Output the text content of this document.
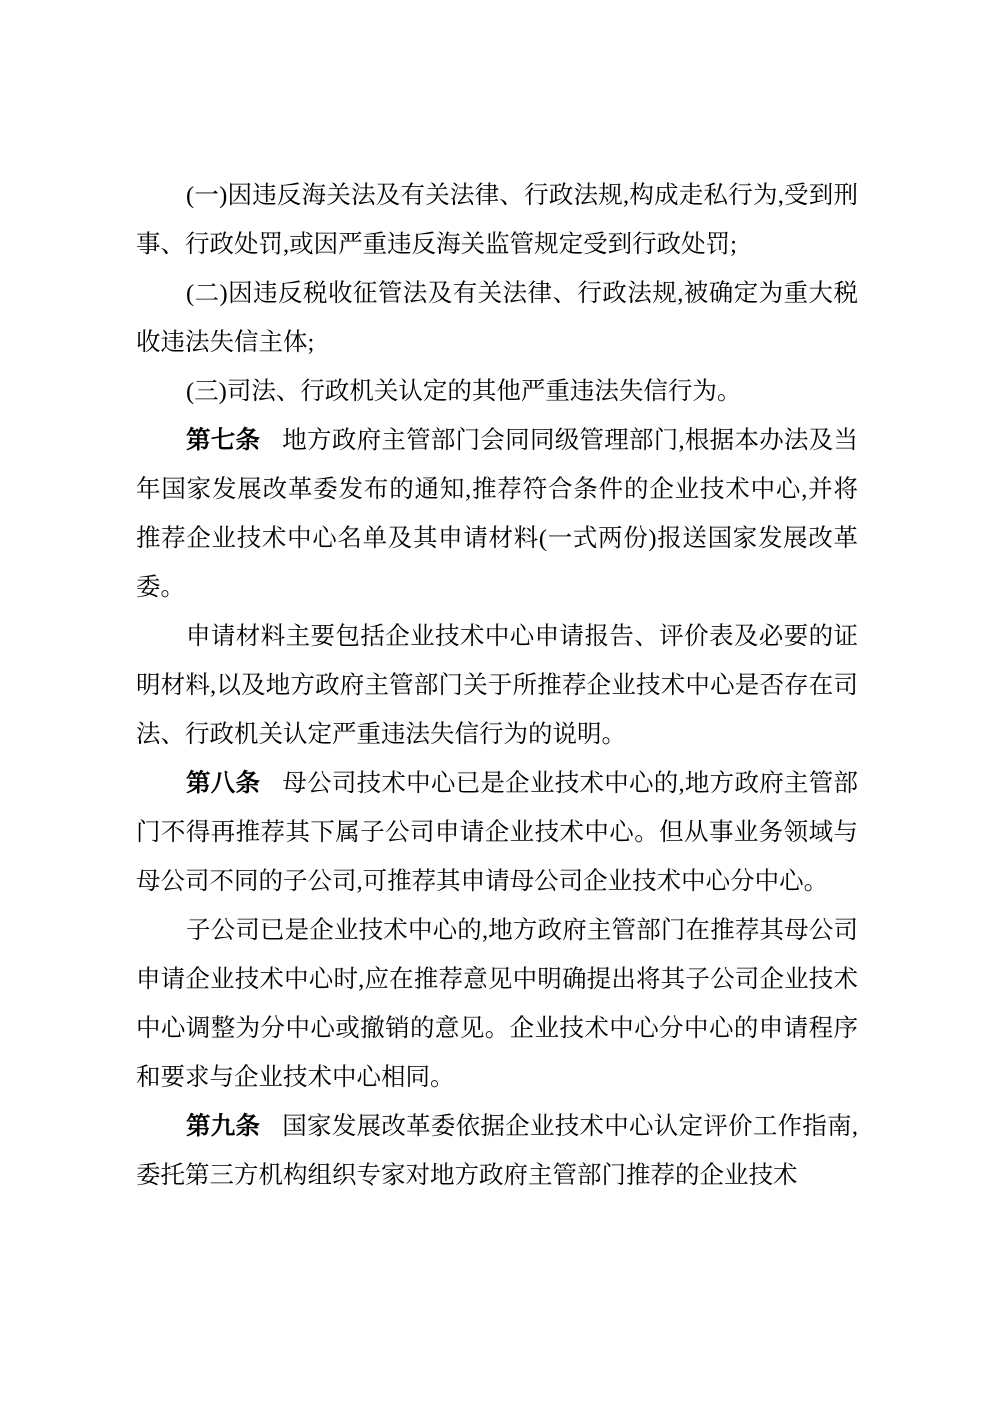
(一)因违反海关法及有关法律、行政法规,构成走私行为,受到刑事、行政处罚,或因严重违反海关监管规定受到行政处罚;

(二)因违反税收征管法及有关法律、行政法规,被确定为重大税收违法失信主体;

(三)司法、行政机关认定的其他严重违法失信行为。

第七条 地方政府主管部门会同同级管理部门,根据本办法及当年国家发展改革委发布的通知,推荐符合条件的企业技术中心,并将推荐企业技术中心名单及其申请材料(一式两份)报送国家发展改革委。

申请材料主要包括企业技术中心申请报告、评价表及必要的证明材料,以及地方政府主管部门关于所推荐企业技术中心是否存在司法、行政机关认定严重违法失信行为的说明。

第八条 母公司技术中心已是企业技术中心的,地方政府主管部门不得再推荐其下属子公司申请企业技术中心。但从事业务领域与母公司不同的子公司,可推荐其申请母公司企业技术中心分中心。

子公司已是企业技术中心的,地方政府主管部门在推荐其母公司申请企业技术中心时,应在推荐意见中明确提出将其子公司企业技术中心调整为分中心或撤销的意见。企业技术中心分中心的申请程序和要求与企业技术中心相同。

第九条 国家发展改革委依据企业技术中心认定评价工作指南,委托第三方机构组织专家对地方政府主管部门推荐的企业技术
